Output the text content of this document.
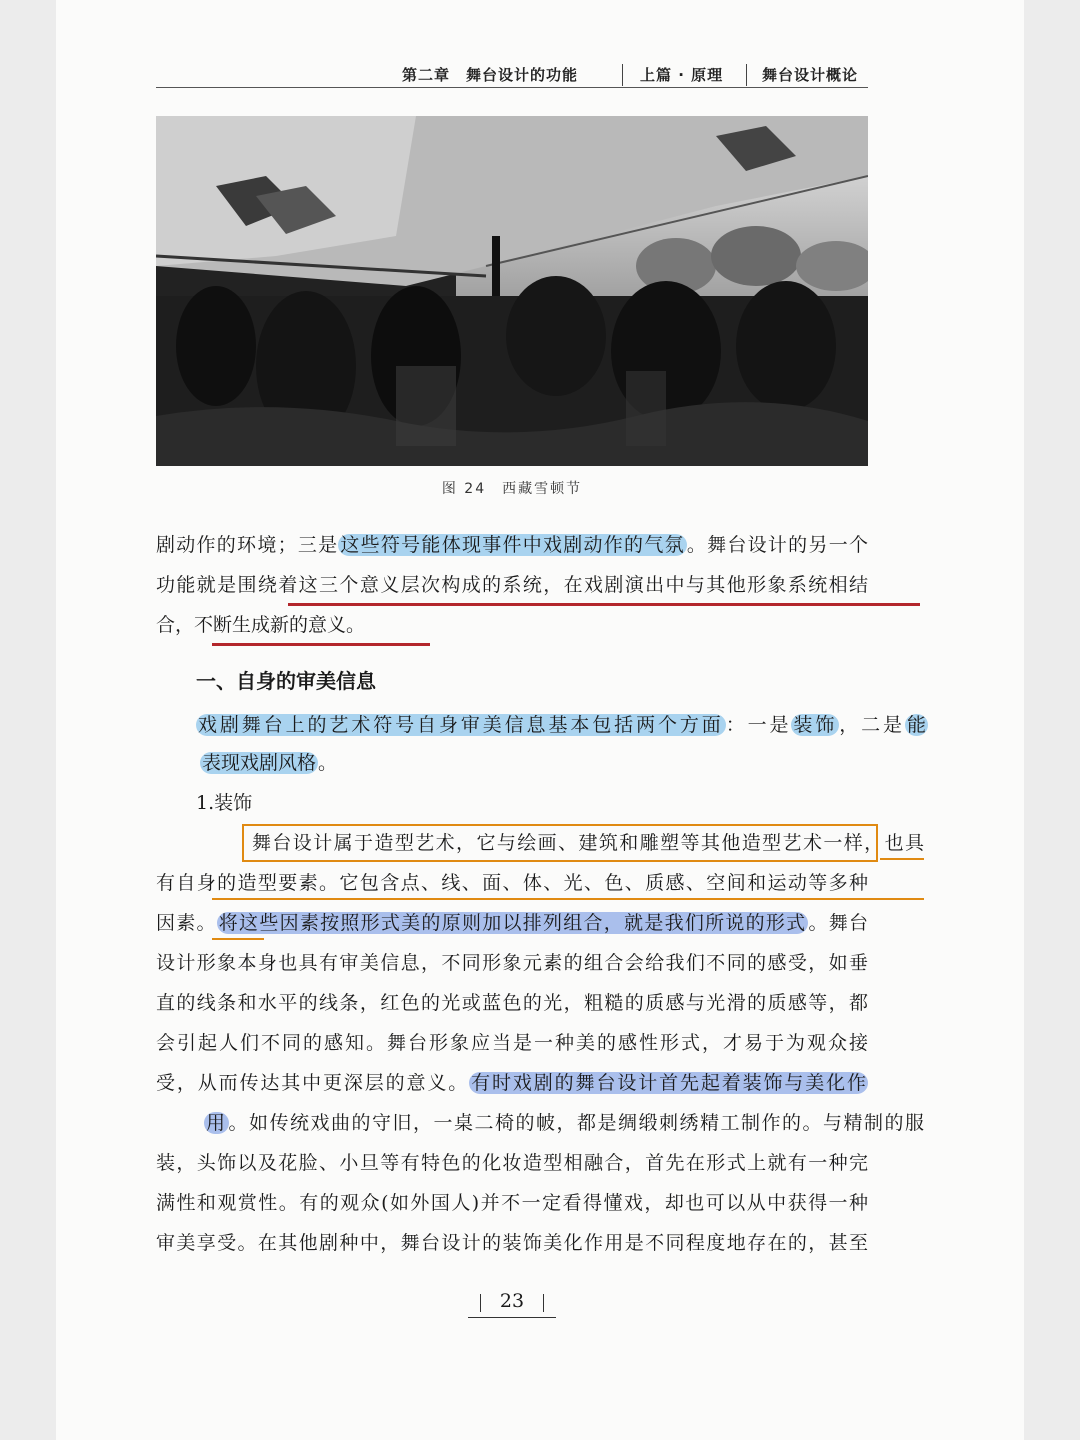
第二章　舞台设计的功能	上篇 · 原理	舞台设计概论
图 24　西藏雪顿节
剧动作的环境；三是 这些符号能体现事件中戏剧动作的气氛 。舞台设计的另一个
功能就是围绕着这三个意义层次构成的系统，在戏剧演出中与其他形象系统相结
合，不断生成新的意义。
一、自身的审美信息
戏剧舞台上的艺术符号自身审美信息基本包括两个方面 ：一是 装饰 ，二是 能
表现戏剧风格 。
1.装饰
舞台设计属于造型艺术，它与绘画、建筑和雕塑等其他造型艺术一样，也具
有自身的造型要素。它包含点、线、面、体、光、色、质感、空间和运动等多种
因素。 将这些因素按照形式美的原则加以排列组合，就是我们所说的形式 。舞台
设计形象本身也具有审美信息，不同形象元素的组合会给我们不同的感受，如垂
直的线条和水平的线条，红色的光或蓝色的光，粗糙的质感与光滑的质感等，都
会引起人们不同的感知。舞台形象应当是一种美的感性形式，才易于为观众接
受，从而传达其中更深层的意义。 有时戏剧的舞台设计首先起着装饰与美化作
用 。如传统戏曲的守旧，一桌二椅的帔，都是绸缎刺绣精工制作的。与精制的服
装，头饰以及花脸、小旦等有特色的化妆造型相融合，首先在形式上就有一种完
满性和观赏性。有的观众(如外国人)并不一定看得懂戏，却也可以从中获得一种
审美享受。在其他剧种中，舞台设计的装饰美化作用是不同程度地存在的，甚至
23
